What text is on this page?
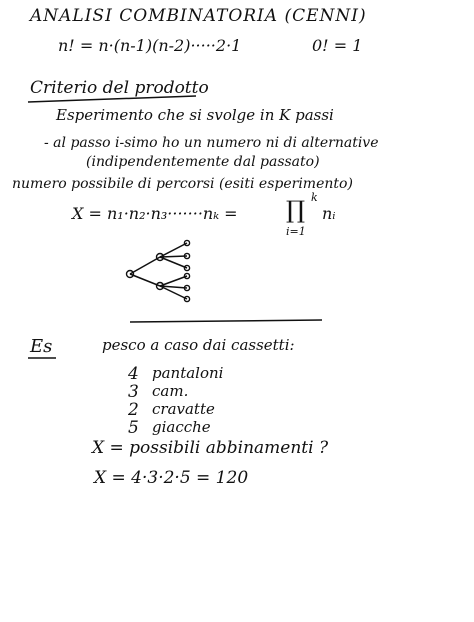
ANALISI COMBINATORIA (CENNI)
n! = n·(n-1)(n-2)·····2·1	0! = 1
Criterio del prodotto
Esperimento che si svolge in K passi
- al passo i-simo ho un numero ni di alternative
(indipendentemente dal passato)
numero possibile di percorsi (esiti esperimento)
X = n₁·n₂·n₃·······nₖ = ∏ k
i=1
nᵢ
Es	pesco a caso dai cassetti:
4 pantaloni
3 cam.
2 cravatte
5 giacche
X = possibili abbinamenti ?
X = 4·3·2·5 = 120
